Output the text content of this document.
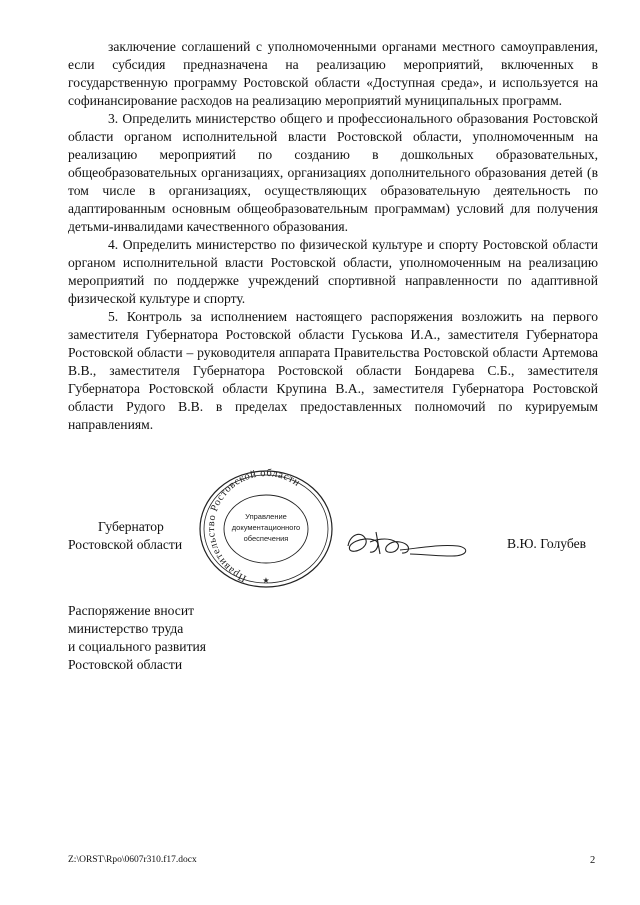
заключение соглашений с уполномоченными органами местного самоуправления, если субсидия предназначена на реализацию мероприятий, включенных в государственную программу Ростовской области «Доступная среда», и используется на софинансирование расходов на реализацию мероприятий муниципальных программ.

3. Определить министерство общего и профессионального образования Ростовской области органом исполнительной власти Ростовской области, уполномоченным на реализацию мероприятий по созданию в дошкольных образовательных, общеобразовательных организациях, организациях дополнительного образования детей (в том числе в организациях, осуществляющих образовательную деятельность по адаптированным основным общеобразовательным программам) условий для получения детьми-инвалидами качественного образования.

4. Определить министерство по физической культуре и спорту Ростовской области органом исполнительной власти Ростовской области, уполномоченным на реализацию мероприятий по поддержке учреждений спортивной направленности по адаптивной физической культуре и спорту.

5. Контроль за исполнением настоящего распоряжения возложить на первого заместителя Губернатора Ростовской области Гуськова И.А., заместителя Губернатора Ростовской области – руководителя аппарата Правительства Ростовской области Артемова В.В., заместителя Губернатора Ростовской области Бондарева С.Б., заместителя Губернатора Ростовской области Крупина В.А., заместителя Губернатора Ростовской области Рудого В.В. в пределах предоставленных полномочий по курируемым направлениям.

Губернатор
Ростовской области
Правительство Ростовской области
Управление
документационного
обеспечения
★
В.Ю. Голубев
Распоряжение вносит
министерство труда
и социального развития
Ростовской области
Z:\ORST\Rpo\0607r310.f17.docx	2
